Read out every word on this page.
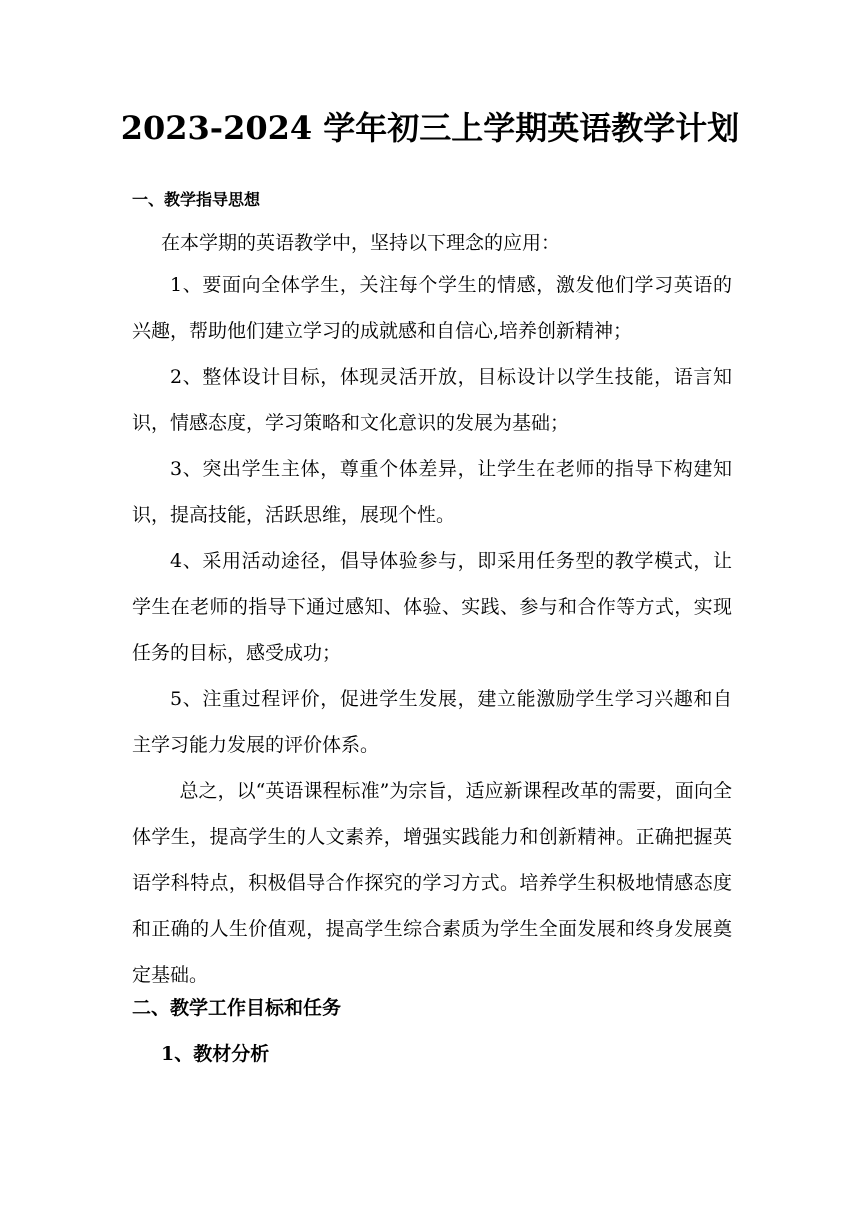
2023-2024 学年初三上学期英语教学计划
一、教学指导思想
在本学期的英语教学中，坚持以下理念的应用：
1、要面向全体学生，关注每个学生的情感，激发他们学习英语的兴趣，帮助他们建立学习的成就感和自信心,培养创新精神；
2、整体设计目标，体现灵活开放，目标设计以学生技能，语言知识，情感态度，学习策略和文化意识的发展为基础；
3、突出学生主体，尊重个体差异，让学生在老师的指导下构建知识，提高技能，活跃思维，展现个性。
4、采用活动途径，倡导体验参与，即采用任务型的教学模式，让学生在老师的指导下通过感知、体验、实践、参与和合作等方式，实现任务的目标，感受成功；
5、注重过程评价，促进学生发展，建立能激励学生学习兴趣和自主学习能力发展的评价体系。
总之，以“英语课程标准”为宗旨，适应新课程改革的需要，面向全体学生，提高学生的人文素养，增强实践能力和创新精神。正确把握英语学科特点，积极倡导合作探究的学习方式。培养学生积极地情感态度和正确的人生价值观，提高学生综合素质为学生全面发展和终身发展奠定基础。
二、教学工作目标和任务
1、教材分析
